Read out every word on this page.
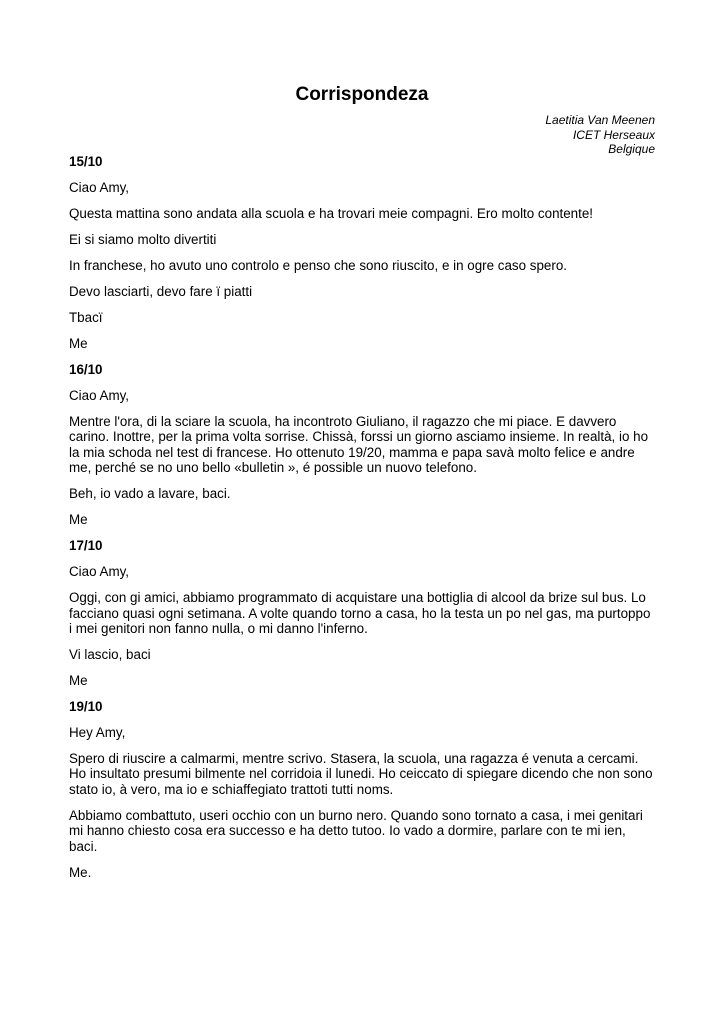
Corrispondeza
Laetitia Van Meenen
ICET Herseaux
Belgique

15/10

Ciao Amy,

Questa mattina sono andata alla scuola e ha trovari meie compagni. Ero molto contente!

Ei si siamo molto divertiti

In franchese, ho avuto uno controlo e penso che sono riuscito, e in ogre caso spero.

Devo lasciarti, devo fare ï piatti

Tbacï

Me

16/10

Ciao Amy,

Mentre l'ora, di la sciare la scuola, ha incontroto Giuliano, il ragazzo che mi piace. E davvero carino. Inottre, per la prima volta sorrise. Chissà, forssi un giorno asciamo insieme. In realtà, io ho la mia schoda nel test di francese. Ho ottenuto 19/20, mamma e papa savà molto felice e andre me, perché se no uno bello «bulletin », é possible un nuovo telefono.

Beh, io vado a lavare, baci.

Me

17/10

Ciao Amy,

Oggi, con gi amici, abbiamo programmato di acquistare una bottiglia di alcool da brize sul bus. Lo facciano quasi ogni setimana. A volte quando torno a casa, ho la testa un po nel gas, ma purtoppo i mei genitori non fanno nulla, o mi danno l'inferno.

Vi lascio, baci

Me

19/10

Hey Amy,

Spero di riuscire a calmarmi, mentre scrivo. Stasera, la scuola, una ragazza é venuta a cercami. Ho insultato presumi bilmente nel corridoia il lunedi. Ho ceiccato di spiegare dicendo che non sono stato io, à vero, ma io e schiaffegiato trattoti tutti noms.

Abbiamo combattuto, useri occhio con un burno nero. Quando sono tornato a casa, i mei genitari mi hanno chiesto cosa era successo e ha detto tutoo. Io vado a dormire, parlare con te mi ien, baci.

Me.
